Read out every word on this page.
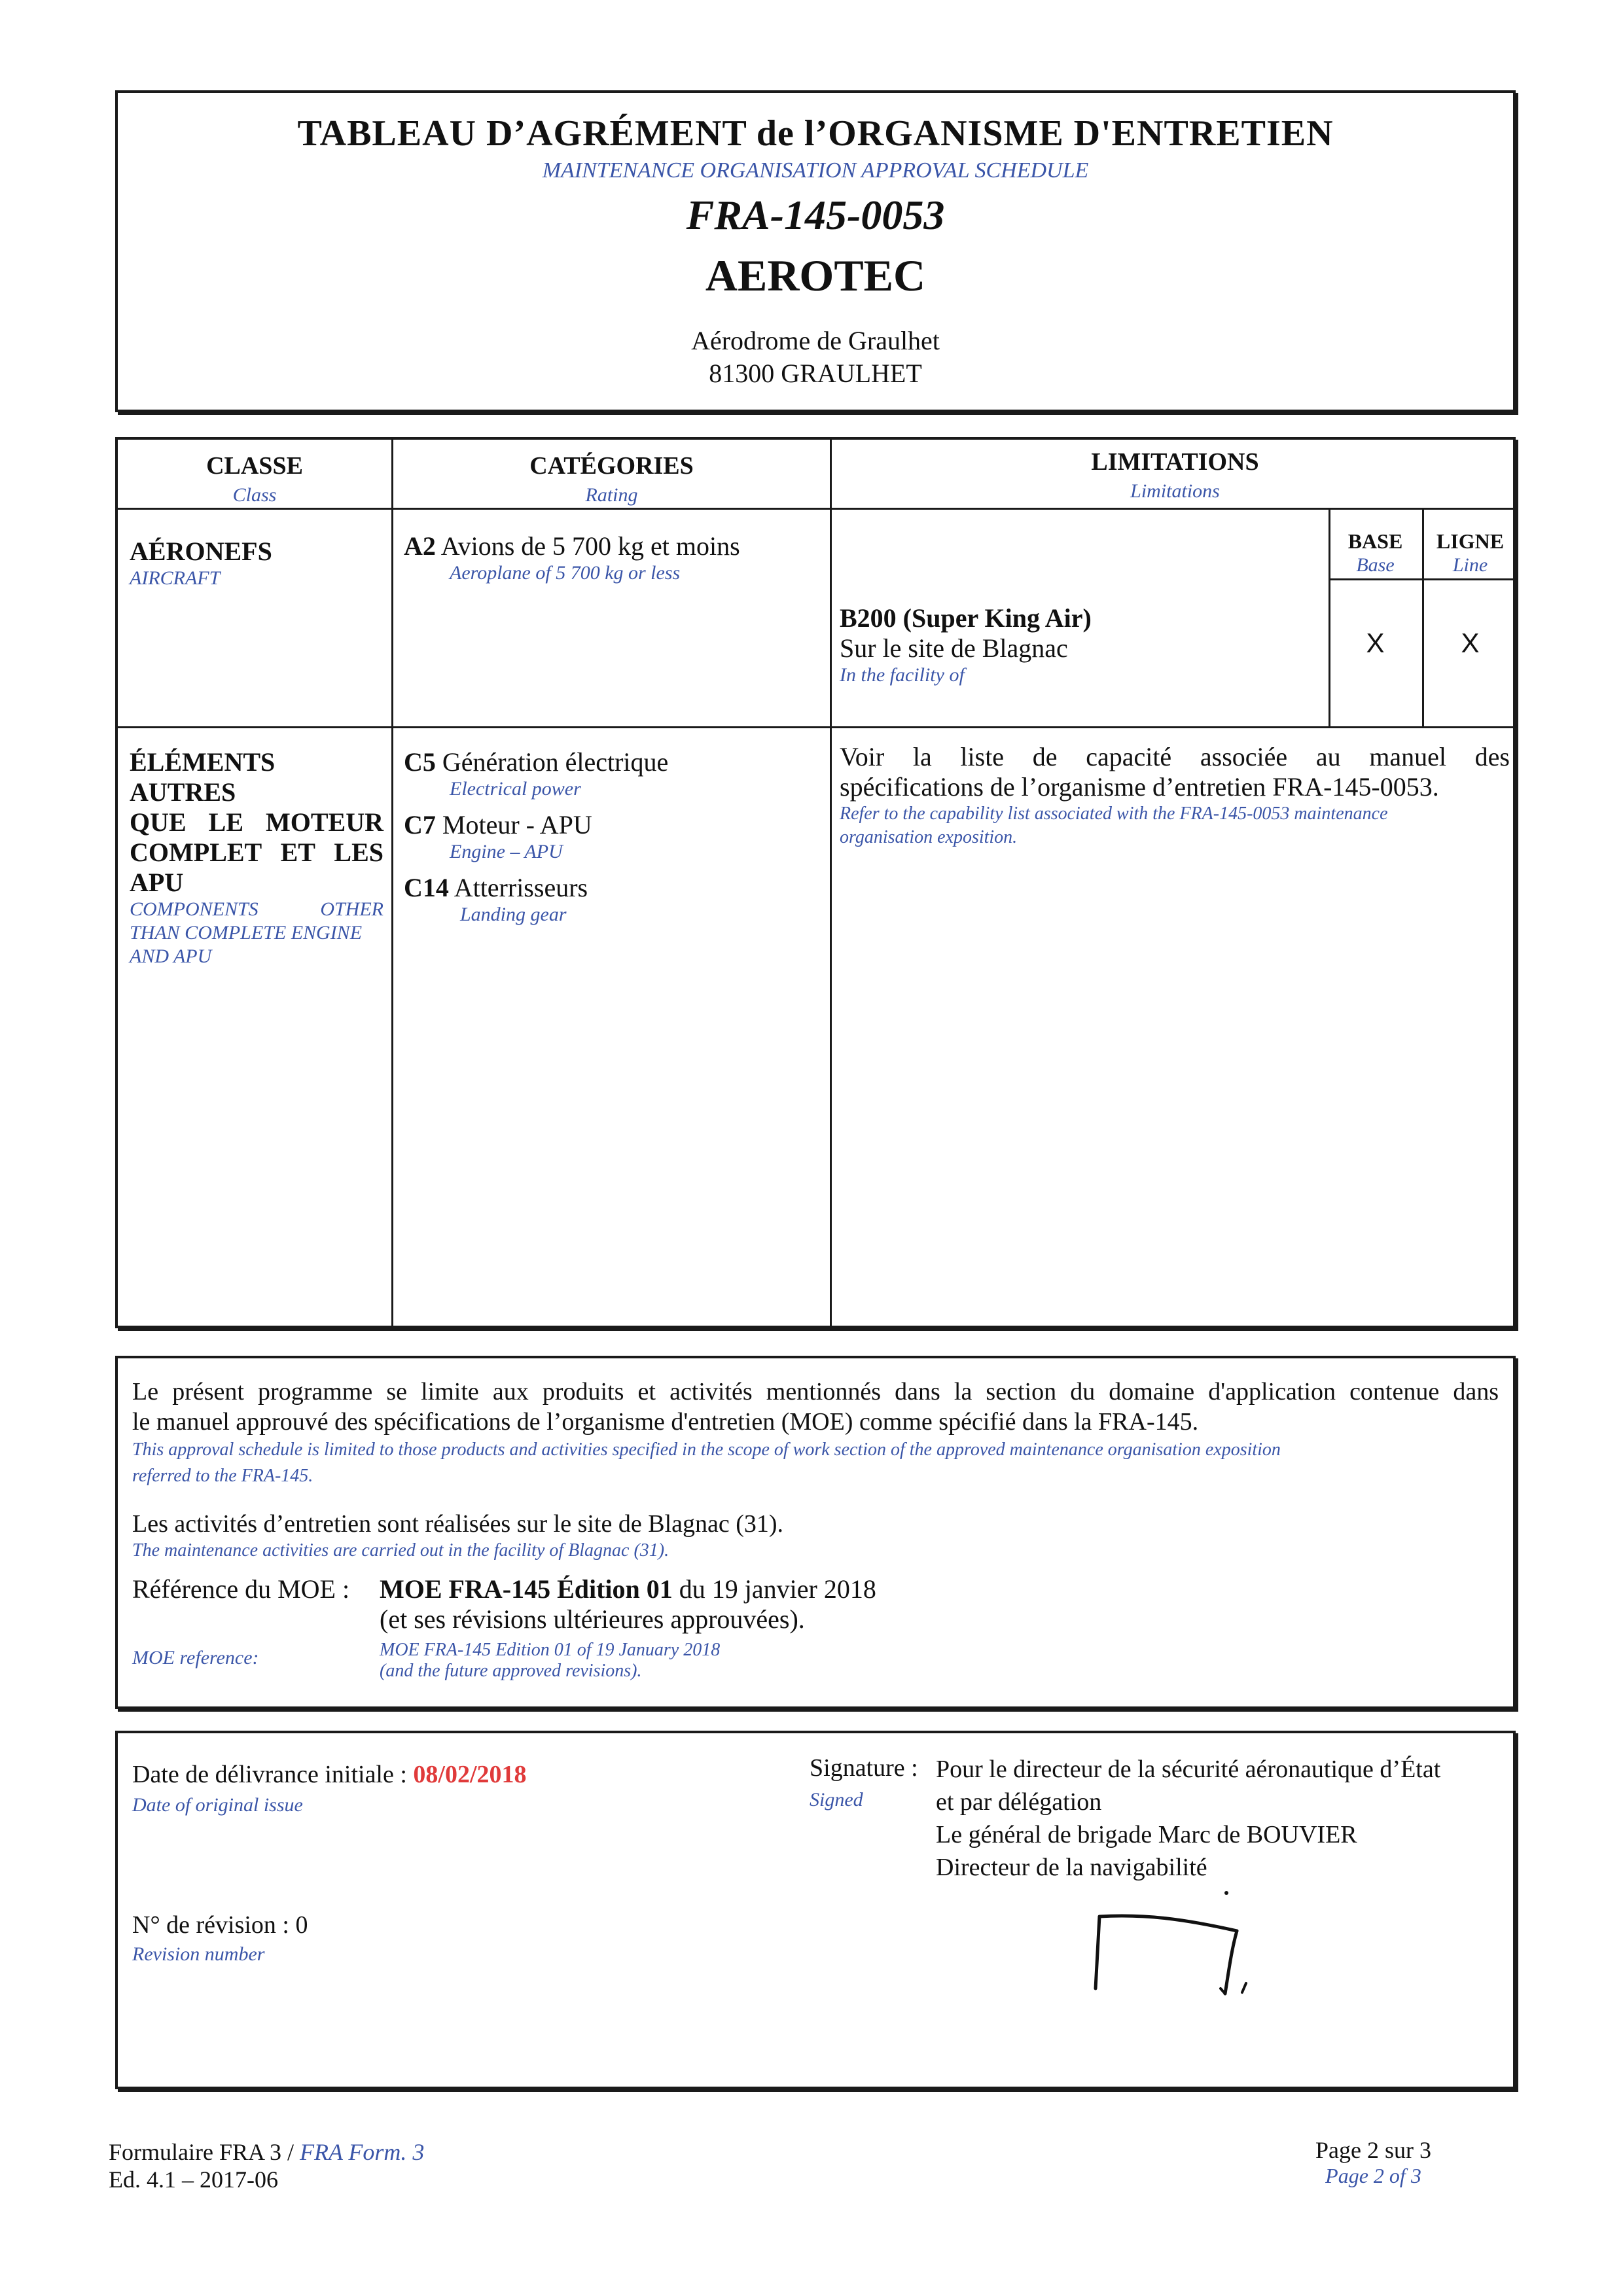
TABLEAU D’AGRÉMENT de l’ORGANISME D'ENTRETIEN
MAINTENANCE ORGANISATION APPROVAL SCHEDULE
FRA-145-0053
AEROTEC
Aérodrome de Graulhet
81300 GRAULHET
CLASSE
Class
CATÉGORIES
Rating
LIMITATIONS
Limitations
AÉRONEFS
AIRCRAFT
A2 Avions de 5 700 kg et moins
Aeroplane of 5 700 kg or less
BASE
Base
LIGNE
Line
B200 (Super King Air)
Sur le site de Blagnac
In the facility of
X	X
ÉLÉMENTS AUTRES
QUE LE MOTEUR
COMPLET ET LES
APU
COMPONENTS OTHER
THAN COMPLETE ENGINE
AND APU
C5 Génération électrique
Electrical power
C7 Moteur - APU
Engine – APU
C14 Atterrisseurs
Landing gear
Voir la liste de capacité associée au manuel des
spécifications de l’organisme d’entretien FRA-145-0053.
Refer to the capability list associated with the FRA-145-0053 maintenance
organisation exposition.
Le présent programme se limite aux produits et activités mentionnés dans la section du domaine d'application contenue dans
le manuel approuvé des spécifications de l’organisme d'entretien (MOE) comme spécifié dans la FRA-145.
This approval schedule is limited to those products and activities specified in the scope of work section of the approved maintenance organisation exposition
referred to the FRA-145.
Les activités d’entretien sont réalisées sur le site de Blagnac (31).
The maintenance activities are carried out in the facility of Blagnac (31).
Référence du MOE : MOE FRA-145 Édition 01 du 19 janvier 2018
(et ses révisions ultérieures approuvées).
MOE reference:	MOE FRA-145 Edition 01 of 19 January 2018
(and the future approved revisions).
Date de délivrance initiale : 08/02/2018
Date of original issue
N° de révision : 0
Revision number
Signature :
Signed
Pour le directeur de la sécurité aéronautique d’État
et par délégation
Le général de brigade Marc de BOUVIER
Directeur de la navigabilité
Formulaire FRA 3 / FRA Form. 3
Ed. 4.1 – 2017-06
Page 2 sur 3
Page 2 of 3
